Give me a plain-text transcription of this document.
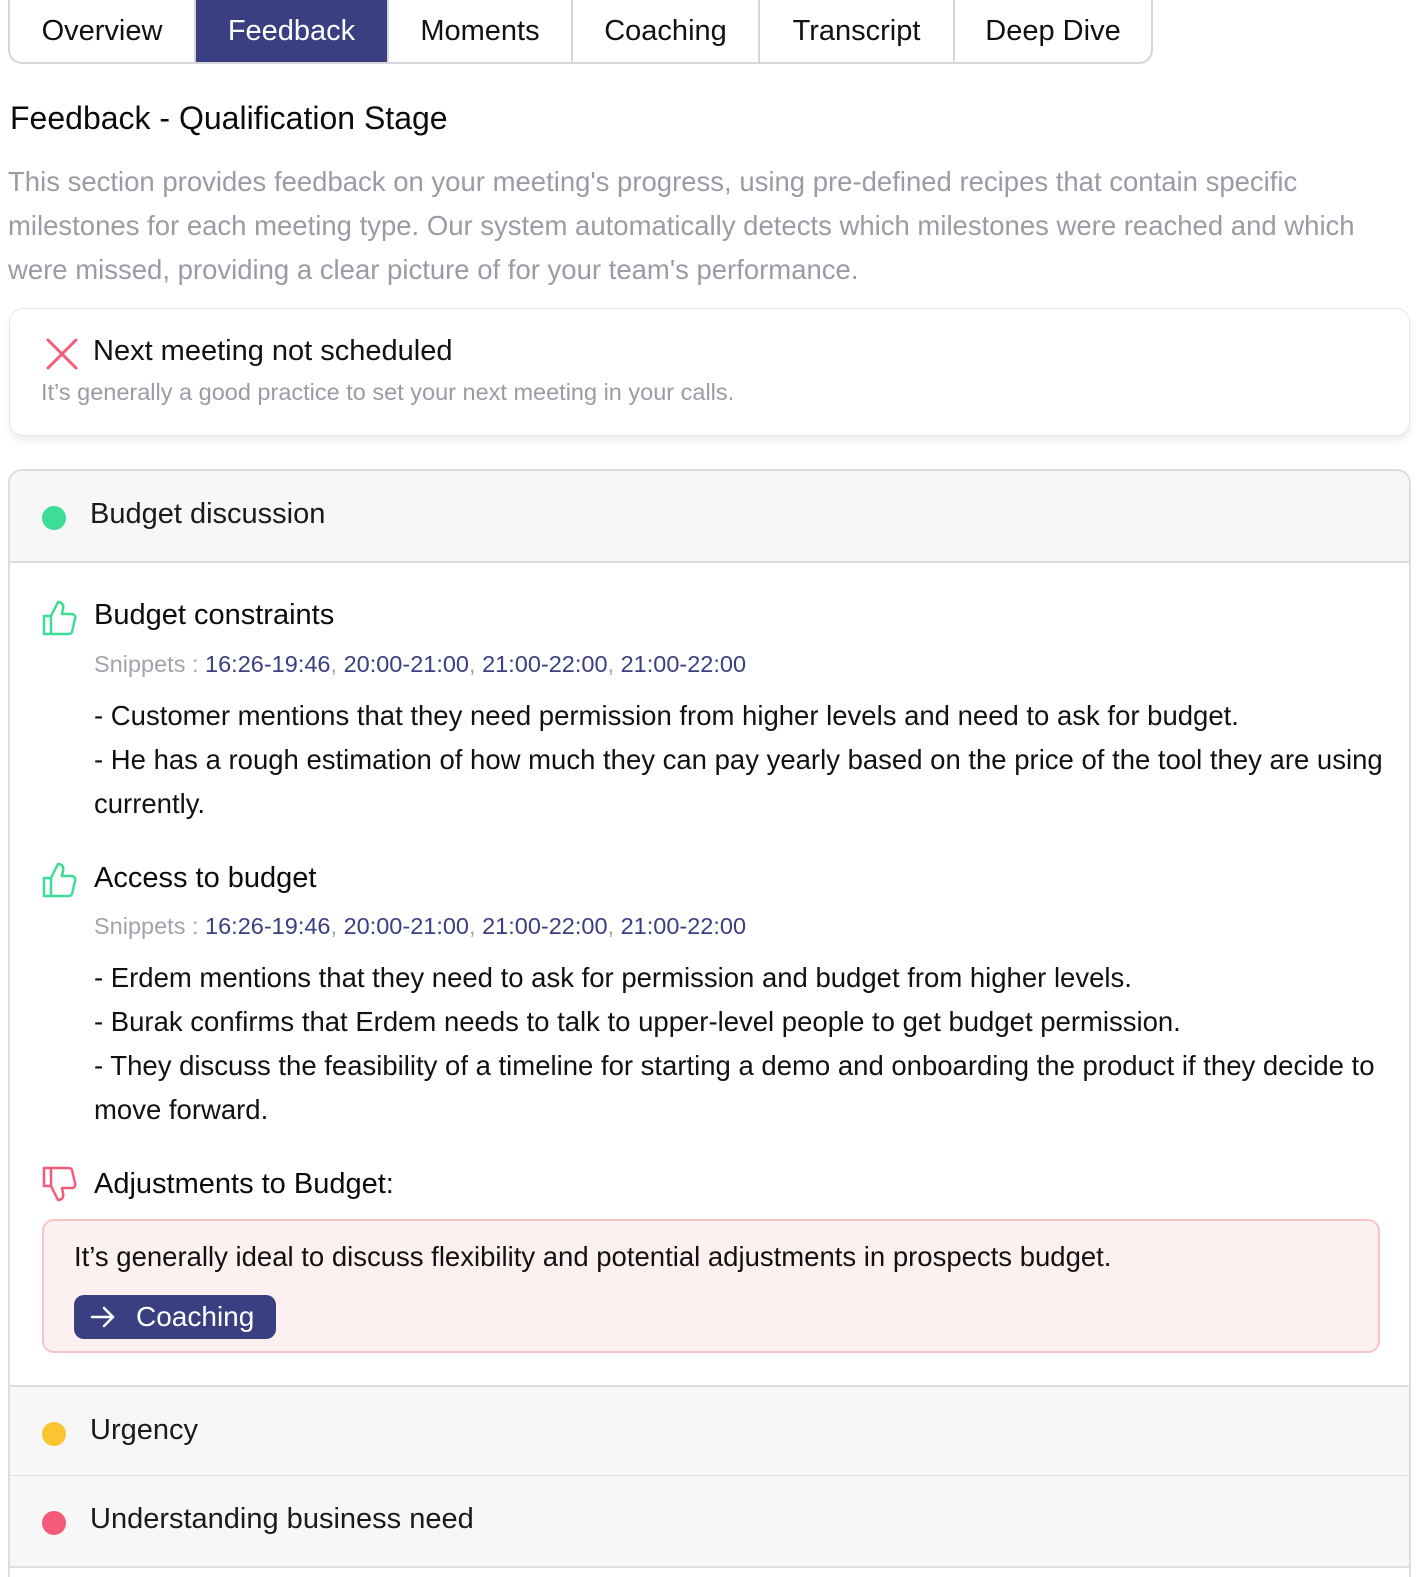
Overview	Feedback	Moments	Coaching	Transcript	Deep Dive
Feedback - Qualification Stage
This section provides feedback on your meeting's progress, using pre-defined recipes that contain specific milestones for each meeting type. Our system automatically detects which milestones were reached and which were missed, providing a clear picture of for your team's performance.
Next meeting not scheduled
It’s generally a good practice to set your next meeting in your calls.
Budget discussion
Budget constraints
Snippets : 16:26-19:46, 20:00-21:00, 21:00-22:00, 21:00-22:00
- Customer mentions that they need permission from higher levels and need to ask for budget.
- He has a rough estimation of how much they can pay yearly based on the price of the tool they are using currently.
Access to budget
Snippets : 16:26-19:46, 20:00-21:00, 21:00-22:00, 21:00-22:00
- Erdem mentions that they need to ask for permission and budget from higher levels.
- Burak confirms that Erdem needs to talk to upper-level people to get budget permission.
- They discuss the feasibility of a timeline for starting a demo and onboarding the product if they decide to move forward.
Adjustments to Budget:
It’s generally ideal to discuss flexibility and potential adjustments in prospects budget.
Coaching
Urgency
Understanding business need
